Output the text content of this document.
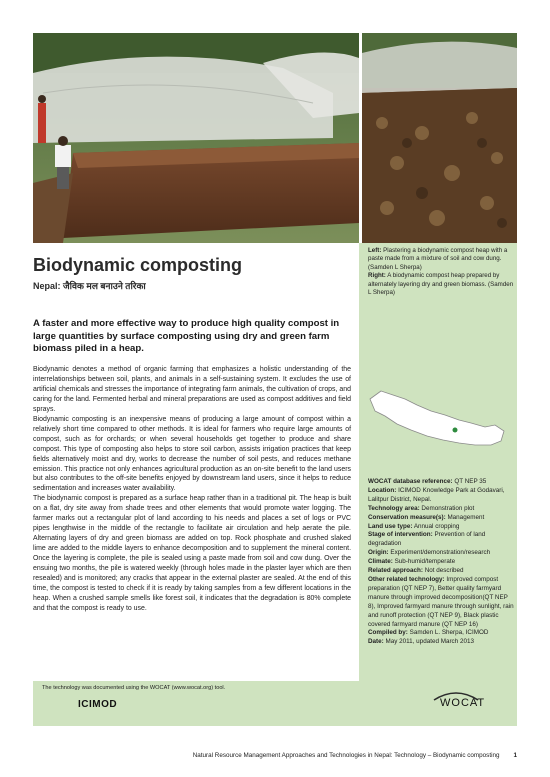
Biodynamic composting
Nepal: जैविक मल बनाउने तरिका

Left: Plastering a biodynamic compost heap with a paste made from a mixture of soil and cow dung. (Samden L Sherpa)

Right: A biodynamic compost heap prepared by alternately layering dry and green biomass. (Samden L Sherpa)

A faster and more effective way to produce high quality compost in large quantities by surface composting using dry and green farm biomass piled in a heap.

Biodynamic denotes a method of organic farming that emphasizes a holistic understanding of the interrelationships between soil, plants, and animals in a self-sustaining system. It excludes the use of artificial chemicals and stresses the importance of integrating farm animals, the cultivation of crops, and caring for the land. Fermented herbal and mineral preparations are used as compost additives and field sprays.

Biodynamic composting is an inexpensive means of producing a large amount of compost within a relatively short time compared to other methods. It is ideal for farmers who require large amounts of compost, such as for orchards; or when several households get together to produce and share compost. This type of composting also helps to store soil carbon, assists irrigation practices that keep fields alternatively moist and dry, works to decrease the number of soil pests, and reduces methane emission. This practice not only enhances agricultural production as an on-site benefit to the land users but also contributes to the off-site benefits enjoyed by downstream land users, since it helps to reduce sedimentation and increases water availability.

The biodynamic compost is prepared as a surface heap rather than in a traditional pit. The heap is built on a flat, dry site away from shade trees and other elements that would promote water logging. The farmer marks out a rectangular plot of land according to his needs and places a set of logs or PVC pipes lengthwise in the middle of the rectangle to facilitate air circulation and help aerate the pile. Alternating layers of dry and green biomass are added on top. Rock phosphate and crushed slaked lime are added to the middle layers to enhance decomposition and to supplement the mineral content. Once the layering is complete, the pile is sealed using a paste made from soil and cow dung. Over the ensuing two months, the pile is watered weekly (through holes made in the plaster layer which are then resealed) and is monitored; any cracks that appear in the external plaster are sealed. At the end of this time, the compost is tested to check if it is ready by taking samples from a few different locations in the heap. When a crushed sample smells like forest soil, it indicates that the degradation is 80% complete and that the compost is ready to use.

WOCAT database reference: QT NEP 35

Location: ICIMOD Knowledge Park at Godavari, Lalitpur District, Nepal.

Technology area: Demonstration plot

Conservation measure(s): Management

Land use type: Annual cropping

Stage of intervention: Prevention of land degradation

Origin: Experiment/demonstration/research

Climate: Sub-humid/temperate

Related approach: Not described

Other related technology: Improved compost preparation (QT NEP 7), Better quality farmyard manure through improved decomposition(QT NEP 8), Improved farmyard manure through sunlight, rain and runoff protection (QT NEP 9), Black plastic covered farmyard manure (QT NEP 16)

Compiled by: Samden L. Sherpa, ICIMOD

Date: May 2011, updated March 2013

The technology was documented using the WOCAT (www.wocat.org) tool.
ICIMOD	WOCAT
Natural Resource Management Approaches and Technologies in Nepal: Technology – Biodynamic composting 1
